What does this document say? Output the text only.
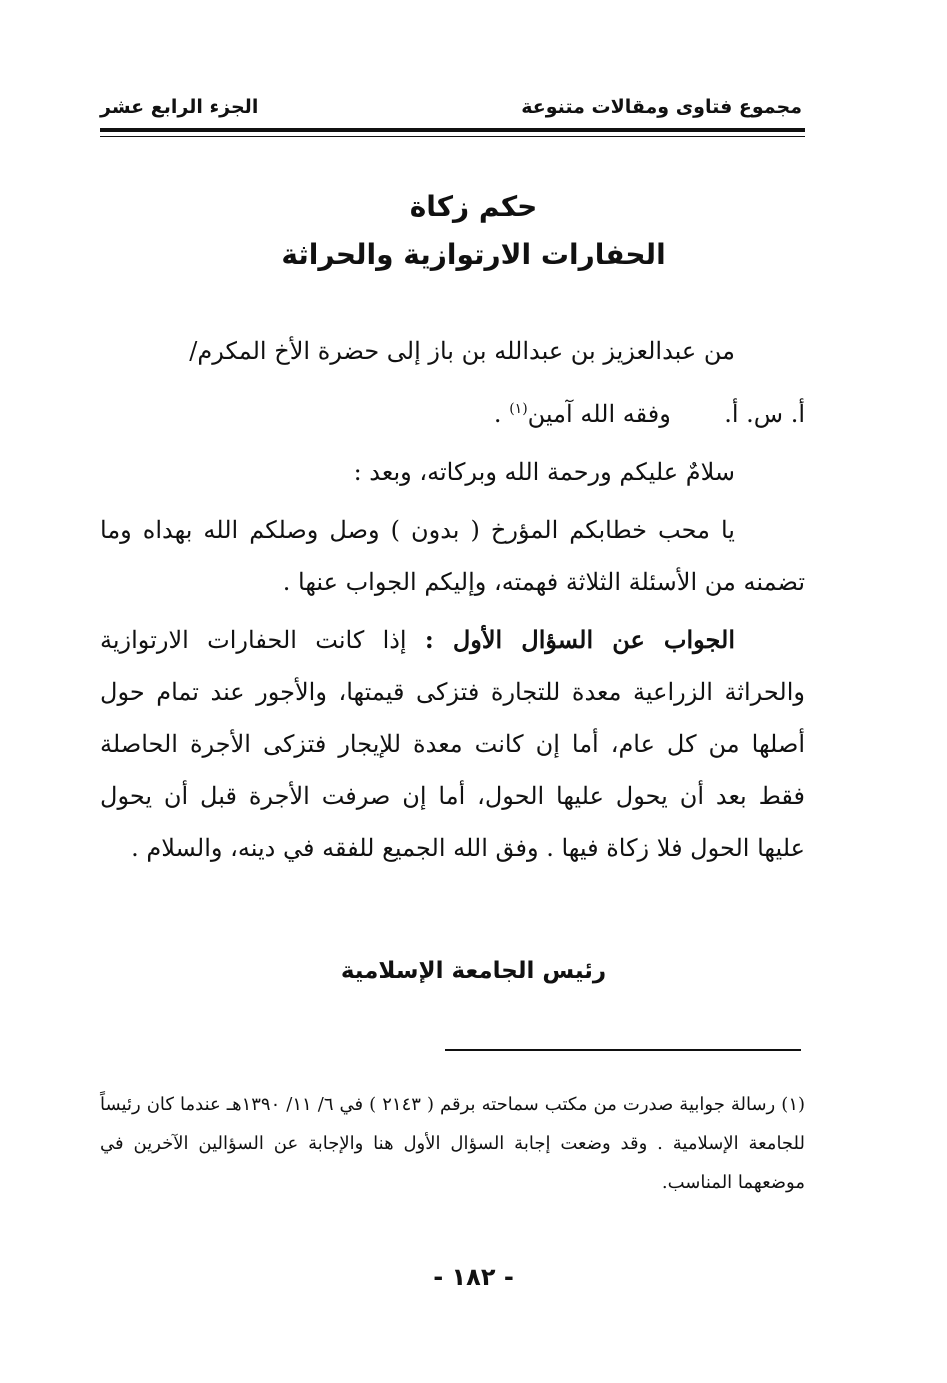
مجموع فتاوى ومقالات متنوعة
الجزء الرابع عشر
حكم زكاة
الحفارات الارتوازية والحراثة

من عبدالعزيز بن عبدالله بن باز إلى حضرة الأخ المكرم/

أ. س. أ.       وفقه الله آمين$^{(١)}$ .

سلامٌ عليكم ورحمة الله وبركاته، وبعد :

يا محب خطابكم المؤرخ ( بدون ) وصل وصلكم الله بهداه وما تضمنه من الأسئلة الثلاثة فهمته، وإليكم الجواب عنها .

الجواب عن السؤال الأول : إذا كانت الحفارات الارتوازية والحراثة الزراعية معدة للتجارة فتزكى قيمتها، والأجور عند تمام حول أصلها من كل عام، أما إن كانت معدة للإيجار فتزكى الأجرة الحاصلة فقط بعد أن يحول عليها الحول، أما إن صرفت الأجرة قبل أن يحول عليها الحول فلا زكاة فيها . وفق الله الجميع للفقه في دينه، والسلام .

رئيس الجامعة الإسلامية

(١) رسالة جوابية صدرت من مكتب سماحته برقم ( ٢١٤٣ ) في ٦/ ١١/ ١٣٩٠هـ عندما كان رئيساً للجامعة الإسلامية . وقد وضعت إجابة السؤال الأول هنا والإجابة عن السؤالين الآخرين في موضعهما المناسب.

- ١٨٢ -
